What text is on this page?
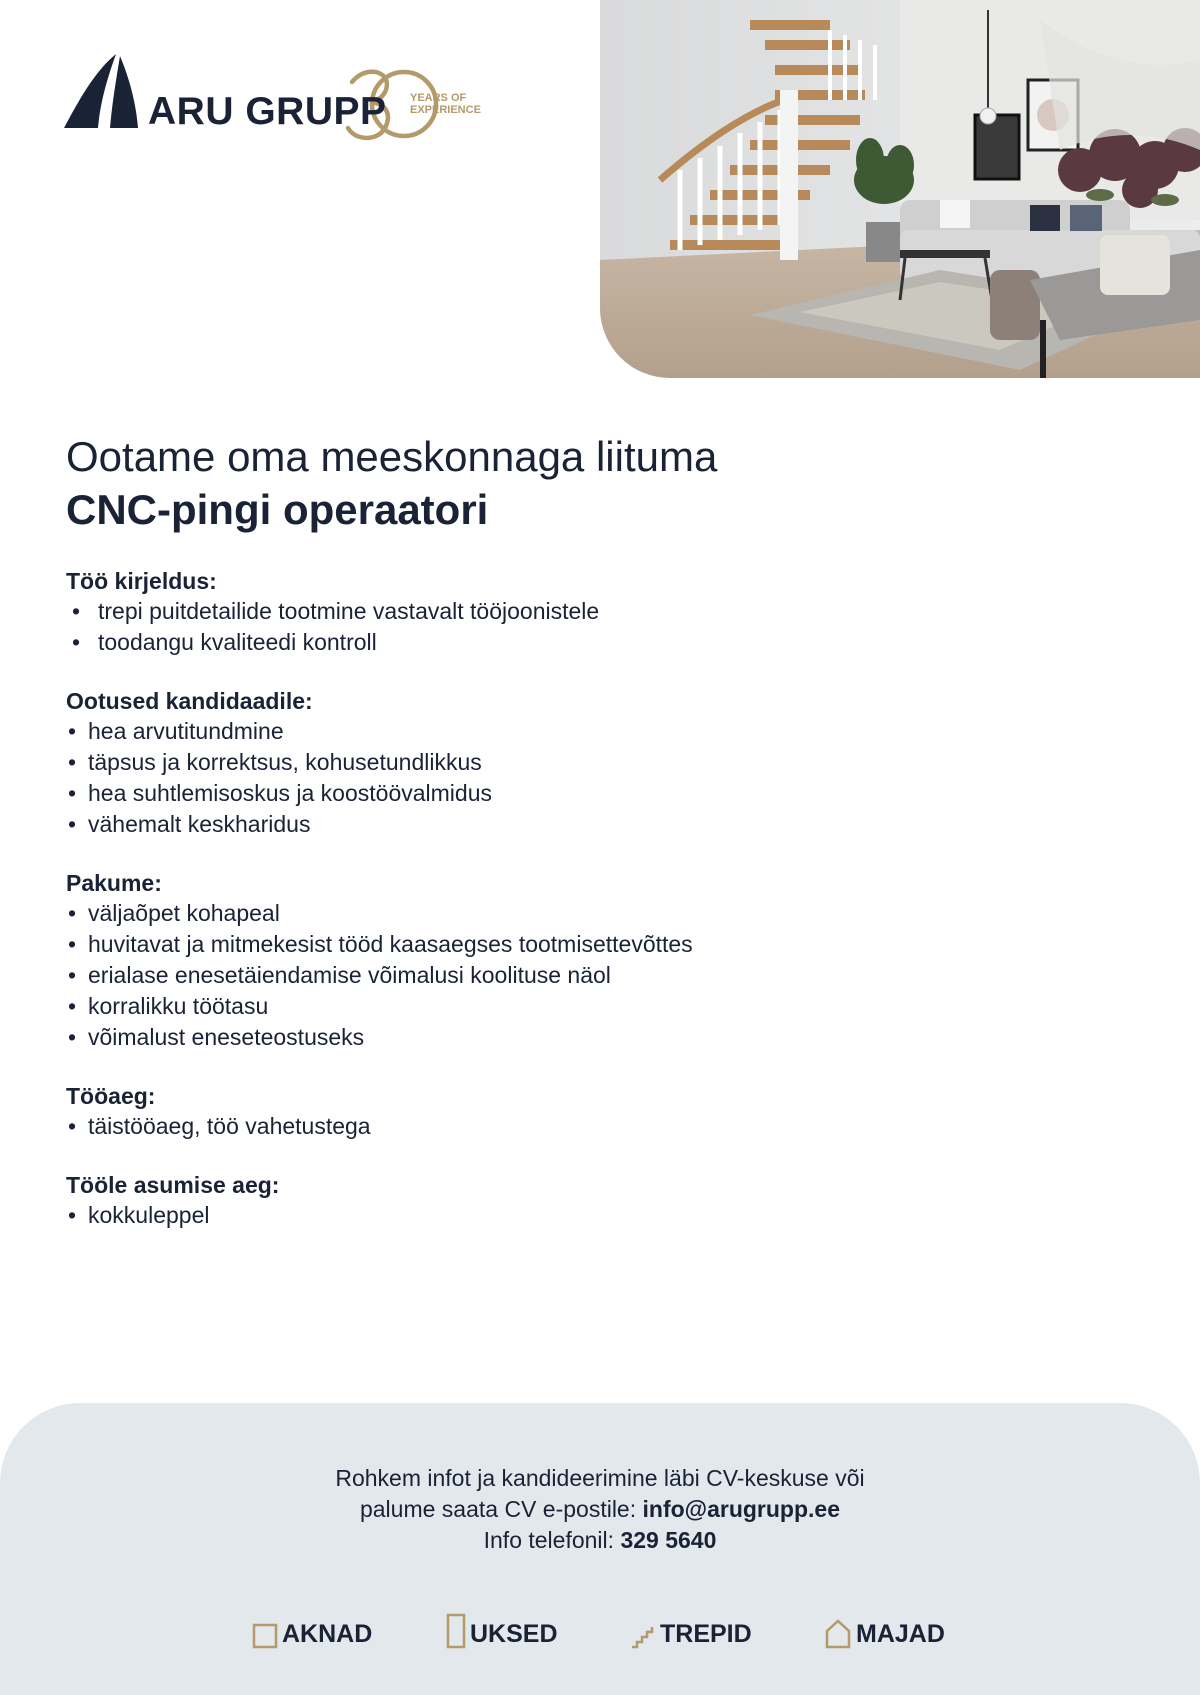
ARU GRUPP YEARS OF EXPERIENCE
Ootame oma meeskonnaga liituma
CNC-pingi operaatori
Töö kirjeldus:
• trepi puitdetailide tootmine vastavalt tööjoonistele
• toodangu kvaliteedi kontroll
Ootused kandidaadile:
• hea arvutitundmine
• täpsus ja korrektsus, kohusetundlikkus
• hea suhtlemisoskus ja koostöövalmidus
• vähemalt keskharidus
Pakume:
• väljaõpet kohapeal
• huvitavat ja mitmekesist tööd kaasaegses tootmisettevõttes
• erialase enesetäiendamise võimalusi koolituse näol
• korralikku töötasu
• võimalust eneseteostuseks
Tööaeg:
• täistööaeg, töö vahetustega
Tööle asumise aeg:
• kokkuleppel
Rohkem infot ja kandideerimine läbi CV-keskuse või
palume saata CV e-postile: info@arugrupp.ee
Info telefonil: 329 5640
AKNAD	UKSED	TREPID	MAJAD
